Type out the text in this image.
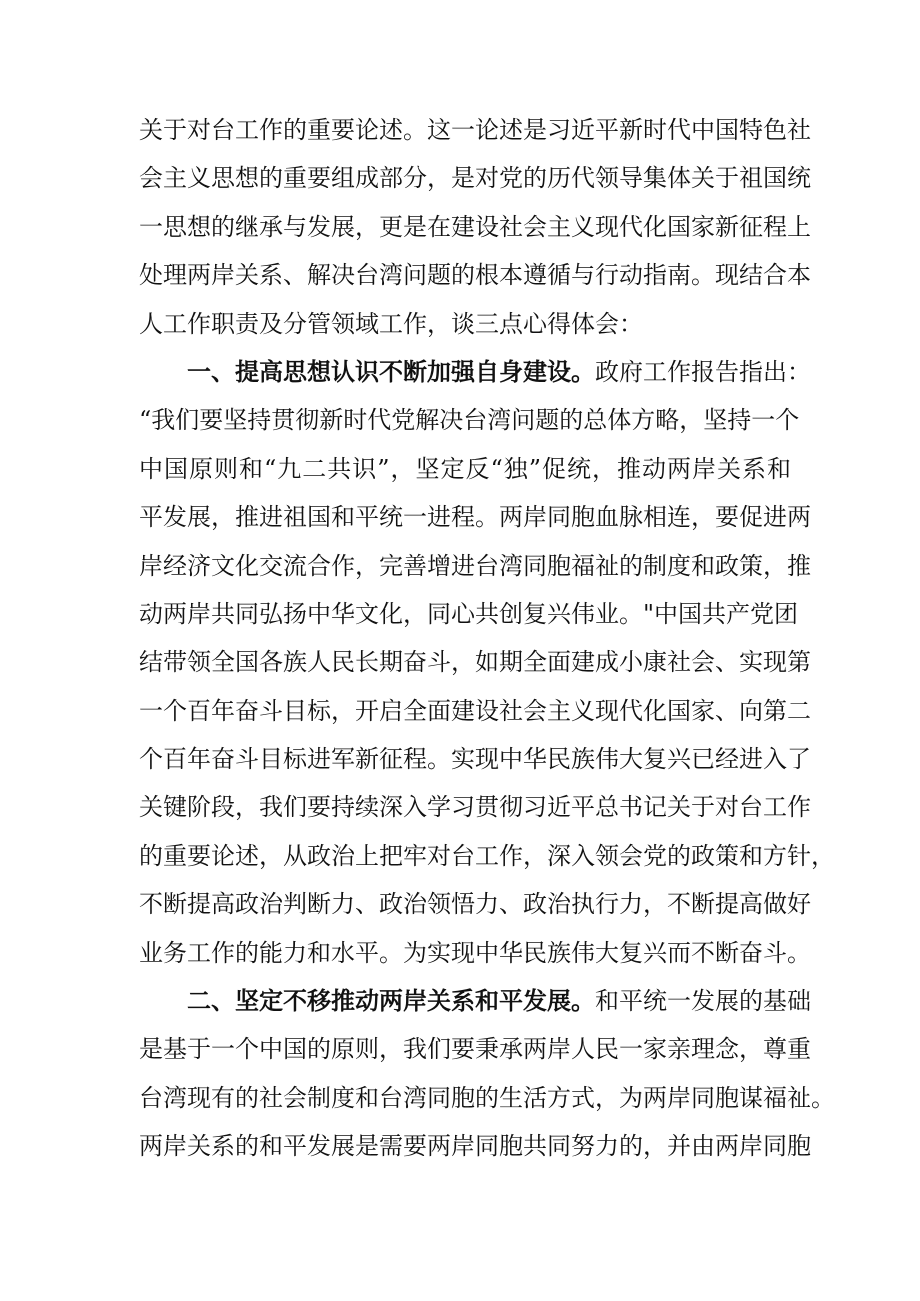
关于对台工作的重要论述。这一论述是习近平新时代中国特色社
会主义思想的重要组成部分，是对党的历代领导集体关于祖国统
一思想的继承与发展，更是在建设社会主义现代化国家新征程上
处理两岸关系、解决台湾问题的根本遵循与行动指南。现结合本
人工作职责及分管领域工作，谈三点心得体会：
一、提高思想认识不断加强自身建设。政府工作报告指出：
“我们要坚持贯彻新时代党解决台湾问题的总体方略，坚持一个
中国原则和“九二共识”，坚定反“独”促统，推动两岸关系和
平发展，推进祖国和平统一进程。两岸同胞血脉相连，要促进两
岸经济文化交流合作，完善增进台湾同胞福祉的制度和政策，推
动两岸共同弘扬中华文化，同心共创复兴伟业。"中国共产党团
结带领全国各族人民长期奋斗，如期全面建成小康社会、实现第
一个百年奋斗目标，开启全面建设社会主义现代化国家、向第二
个百年奋斗目标进军新征程。实现中华民族伟大复兴已经进入了
关键阶段，我们要持续深入学习贯彻习近平总书记关于对台工作
的重要论述，从政治上把牢对台工作，深入领会党的政策和方针，
不断提高政治判断力、政治领悟力、政治执行力，不断提高做好
业务工作的能力和水平。为实现中华民族伟大复兴而不断奋斗。
二、坚定不移推动两岸关系和平发展。和平统一发展的基础
是基于一个中国的原则，我们要秉承两岸人民一家亲理念，尊重
台湾现有的社会制度和台湾同胞的生活方式，为两岸同胞谋福祉。
两岸关系的和平发展是需要两岸同胞共同努力的，并由两岸同胞
